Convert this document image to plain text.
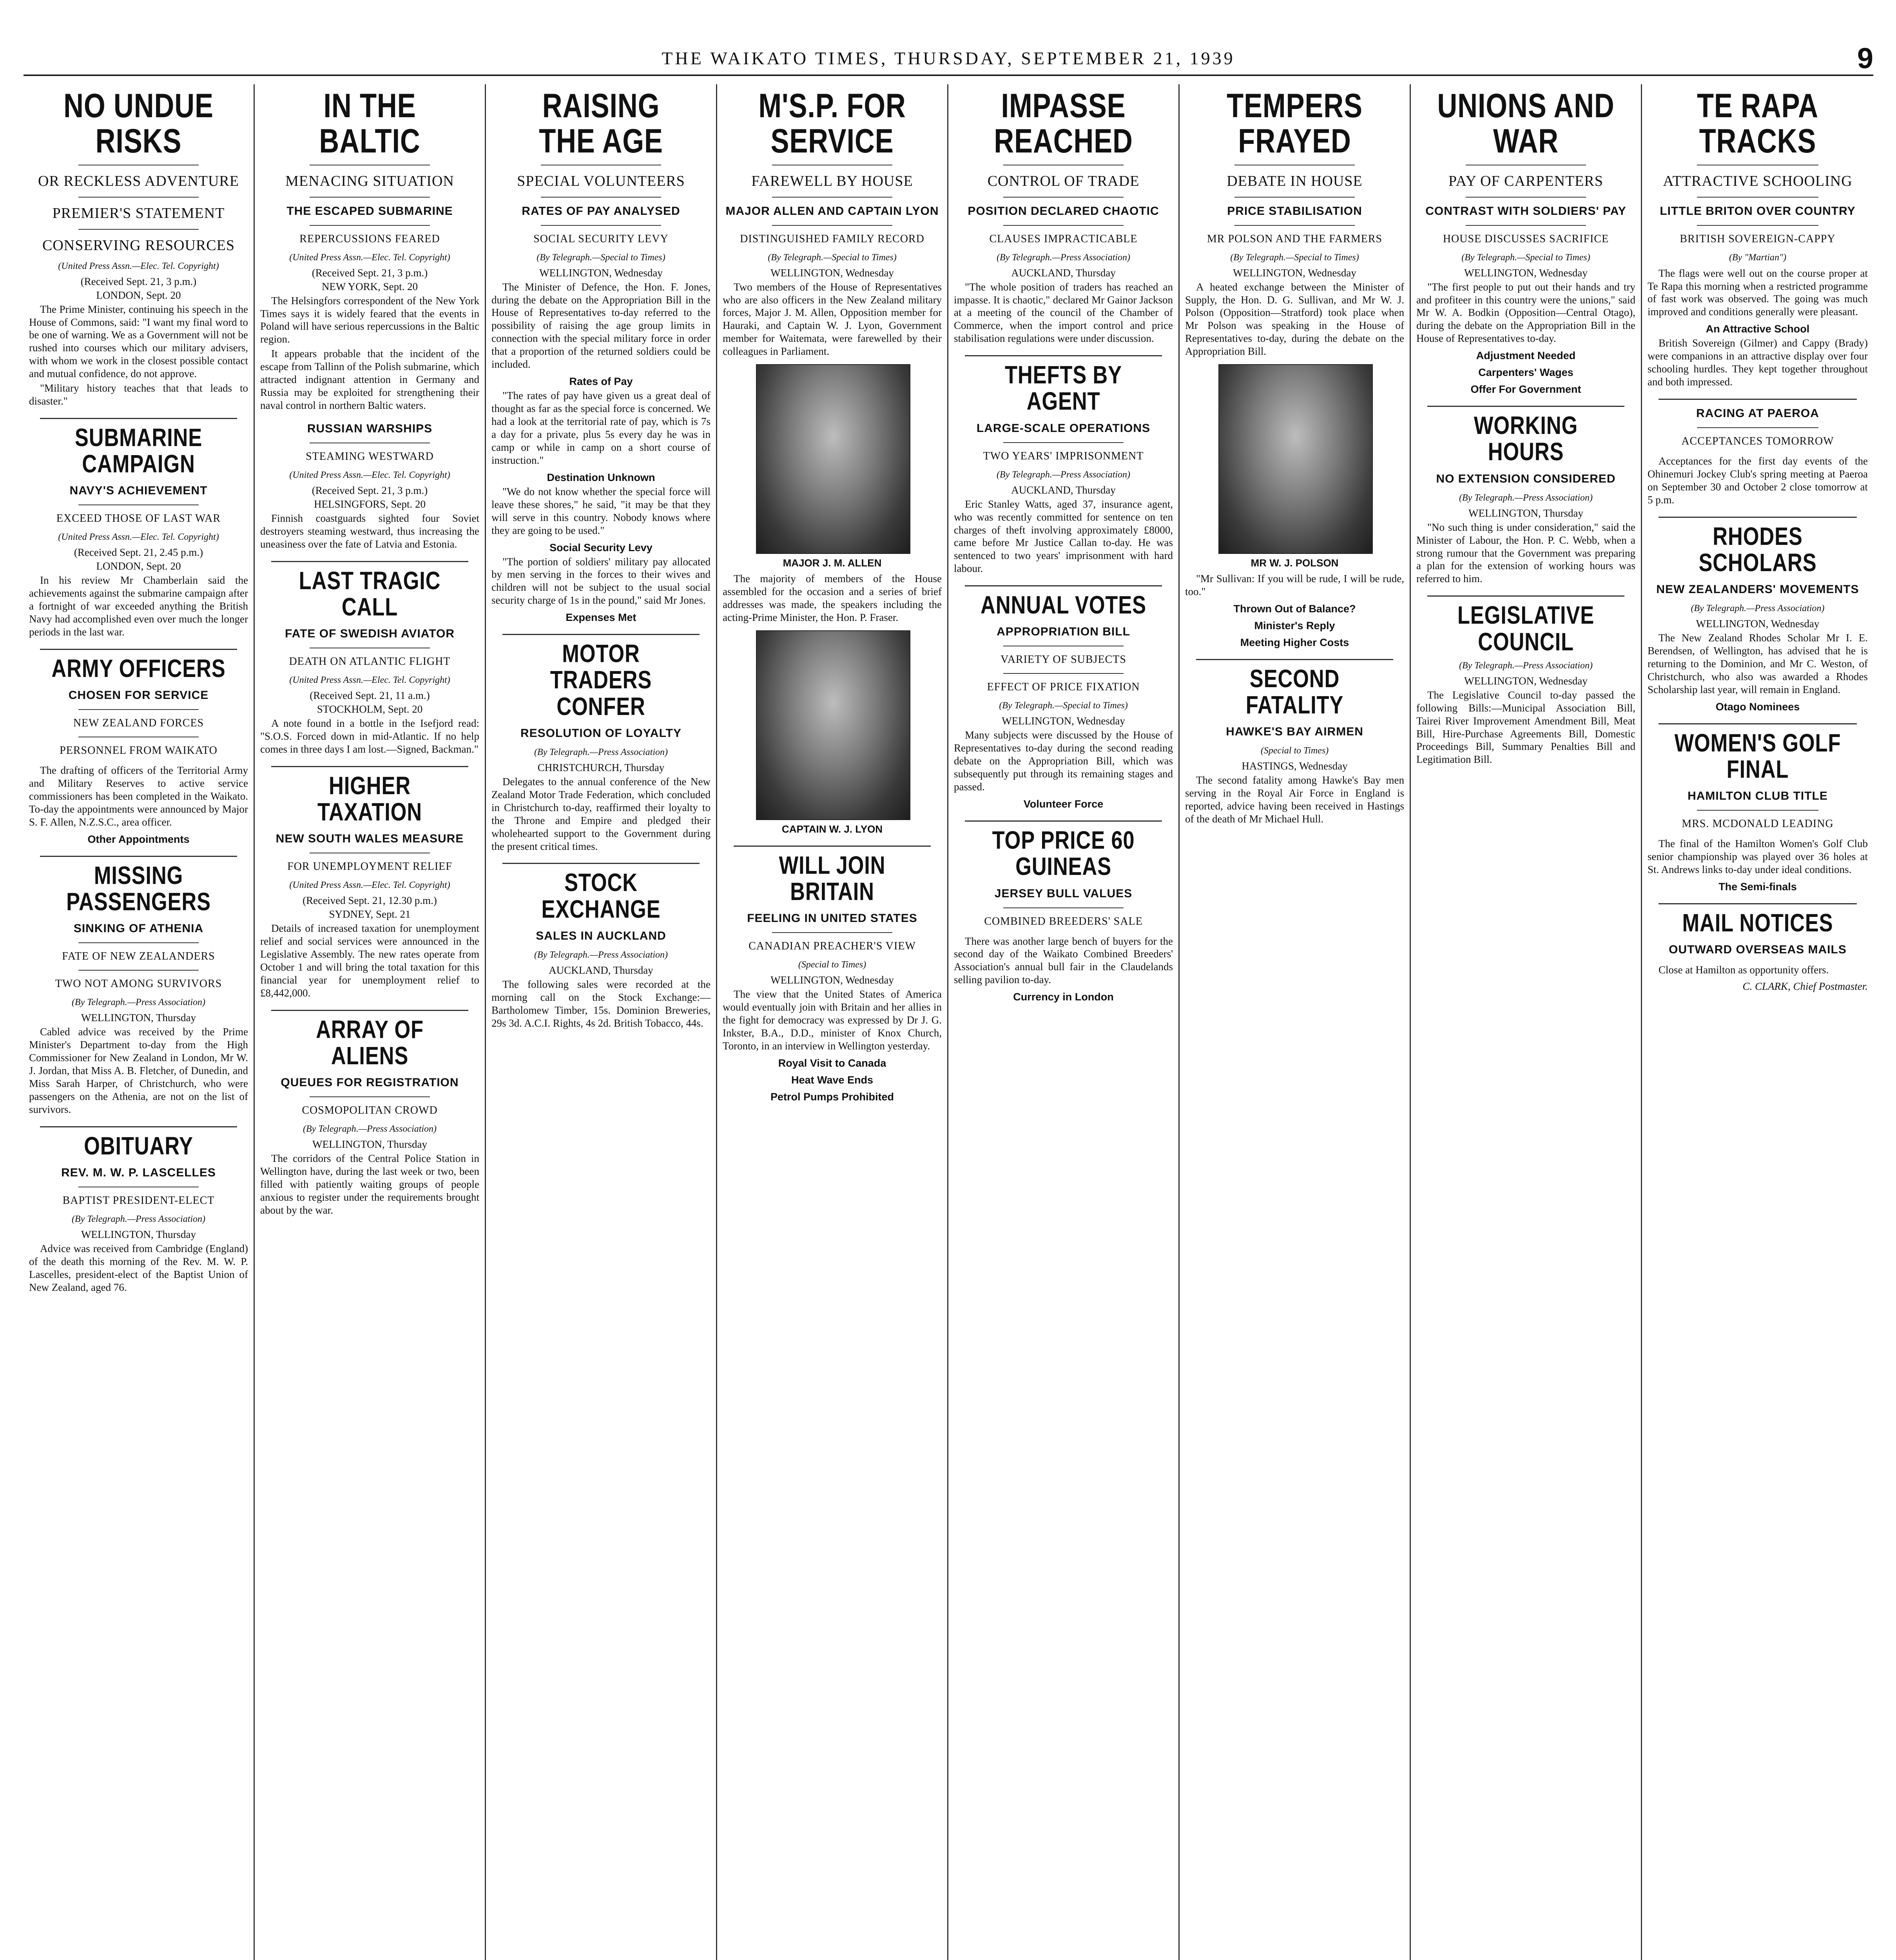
THE WAIKATO TIMES, THURSDAY, SEPTEMBER 21, 1939	9
NO UNDUE RISKS
OR RECKLESS ADVENTURE
PREMIER'S STATEMENT
CONSERVING RESOURCES
(United Press Assn.—Elec. Tel. Copyright)
(Received Sept. 21, 3 p.m.)
LONDON, Sept. 20

The Prime Minister, continuing his speech in the House of Commons, said: "I want my final word to be one of warning. We as a Government will not be rushed into courses which our military advisers, with whom we work in the closest possible contact and mutual confidence, do not approve.

"Military history teaches that that leads to disaster."

SUBMARINE CAMPAIGN
NAVY'S ACHIEVEMENT
EXCEED THOSE OF LAST WAR
(United Press Assn.—Elec. Tel. Copyright)
(Received Sept. 21, 2.45 p.m.)
LONDON, Sept. 20

In his review Mr Chamberlain said the achievements against the submarine campaign after a fortnight of war exceeded anything the British Navy had accomplished even over much the longer periods in the last war.

ARMY OFFICERS
CHOSEN FOR SERVICE
NEW ZEALAND FORCES
PERSONNEL FROM WAIKATO

The drafting of officers of the Territorial Army and Military Reserves to active service commissioners has been completed in the Waikato. To-day the appointments were announced by Major S. F. Allen, N.Z.S.C., area officer.

Other Appointments
MISSING PASSENGERS
SINKING OF ATHENIA
FATE OF NEW ZEALANDERS
TWO NOT AMONG SURVIVORS
(By Telegraph.—Press Association)
WELLINGTON, Thursday

Cabled advice was received by the Prime Minister's Department to-day from the High Commissioner for New Zealand in London, Mr W. J. Jordan, that Miss A. B. Fletcher, of Dunedin, and Miss Sarah Harper, of Christchurch, who were passengers on the Athenia, are not on the list of survivors.

OBITUARY
REV. M. W. P. LASCELLES
BAPTIST PRESIDENT-ELECT
(By Telegraph.—Press Association)
WELLINGTON, Thursday

Advice was received from Cambridge (England) of the death this morning of the Rev. M. W. P. Lascelles, president-elect of the Baptist Union of New Zealand, aged 76.

IN THE BALTIC
MENACING SITUATION
THE ESCAPED SUBMARINE
REPERCUSSIONS FEARED
(United Press Assn.—Elec. Tel. Copyright)
(Received Sept. 21, 3 p.m.)
NEW YORK, Sept. 20

The Helsingfors correspondent of the New York Times says it is widely feared that the events in Poland will have serious repercussions in the Baltic region.

It appears probable that the incident of the escape from Tallinn of the Polish submarine, which attracted indignant attention in Germany and Russia may be exploited for strengthening their naval control in northern Baltic waters.

RUSSIAN WARSHIPS
STEAMING WESTWARD
(United Press Assn.—Elec. Tel. Copyright)
(Received Sept. 21, 3 p.m.)
HELSINGFORS, Sept. 20

Finnish coastguards sighted four Soviet destroyers steaming westward, thus increasing the uneasiness over the fate of Latvia and Estonia.

LAST TRAGIC CALL
FATE OF SWEDISH AVIATOR
DEATH ON ATLANTIC FLIGHT
(United Press Assn.—Elec. Tel. Copyright)
(Received Sept. 21, 11 a.m.)
STOCKHOLM, Sept. 20

A note found in a bottle in the Isefjord read: "S.O.S. Forced down in mid-Atlantic. If no help comes in three days I am lost.—Signed, Backman."

HIGHER TAXATION
NEW SOUTH WALES MEASURE
FOR UNEMPLOYMENT RELIEF
(United Press Assn.—Elec. Tel. Copyright)
(Received Sept. 21, 12.30 p.m.)
SYDNEY, Sept. 21

Details of increased taxation for unemployment relief and social services were announced in the Legislative Assembly. The new rates operate from October 1 and will bring the total taxation for this financial year for unemployment relief to £8,442,000.

ARRAY OF ALIENS
QUEUES FOR REGISTRATION
COSMOPOLITAN CROWD
(By Telegraph.—Press Association)
WELLINGTON, Thursday

The corridors of the Central Police Station in Wellington have, during the last week or two, been filled with patiently waiting groups of people anxious to register under the requirements brought about by the war.

RAISING THE AGE
SPECIAL VOLUNTEERS
RATES OF PAY ANALYSED
SOCIAL SECURITY LEVY
(By Telegraph.—Special to Times)
WELLINGTON, Wednesday

The Minister of Defence, the Hon. F. Jones, during the debate on the Appropriation Bill in the House of Representatives to-day referred to the possibility of raising the age group limits in connection with the special military force in order that a proportion of the returned soldiers could be included.

Rates of Pay

"The rates of pay have given us a great deal of thought as far as the special force is concerned. We had a look at the territorial rate of pay, which is 7s a day for a private, plus 5s every day he was in camp or while in camp on a short course of instruction."

Destination Unknown

"We do not know whether the special force will leave these shores," he said, "it may be that they will serve in this country. Nobody knows where they are going to be used."

Social Security Levy

"The portion of soldiers' military pay allocated by men serving in the forces to their wives and children will not be subject to the usual social security charge of 1s in the pound," said Mr Jones.

Expenses Met
MOTOR TRADERS CONFER
RESOLUTION OF LOYALTY
(By Telegraph.—Press Association)
CHRISTCHURCH, Thursday

Delegates to the annual conference of the New Zealand Motor Trade Federation, which concluded in Christchurch to-day, reaffirmed their loyalty to the Throne and Empire and pledged their wholehearted support to the Government during the present critical times.

STOCK EXCHANGE
SALES IN AUCKLAND
(By Telegraph.—Press Association)
AUCKLAND, Thursday

The following sales were recorded at the morning call on the Stock Exchange:—Bartholomew Timber, 15s. Dominion Breweries, 29s 3d. A.C.I. Rights, 4s 2d. British Tobacco, 44s.

M'S.P. FOR SERVICE
FAREWELL BY HOUSE
MAJOR ALLEN AND CAPTAIN LYON
DISTINGUISHED FAMILY RECORD
(By Telegraph.—Special to Times)
WELLINGTON, Wednesday

Two members of the House of Representatives who are also officers in the New Zealand military forces, Major J. M. Allen, Opposition member for Hauraki, and Captain W. J. Lyon, Government member for Waitemata, were farewelled by their colleagues in Parliament.

MAJOR J. M. ALLEN

The majority of members of the House assembled for the occasion and a series of brief addresses was made, the speakers including the acting-Prime Minister, the Hon. P. Fraser.

CAPTAIN W. J. LYON
WILL JOIN BRITAIN
FEELING IN UNITED STATES
CANADIAN PREACHER'S VIEW
(Special to Times)
WELLINGTON, Wednesday

The view that the United States of America would eventually join with Britain and her allies in the fight for democracy was expressed by Dr J. G. Inkster, B.A., D.D., minister of Knox Church, Toronto, in an interview in Wellington yesterday.

Royal Visit to Canada
Heat Wave Ends
Petrol Pumps Prohibited
IMPASSE REACHED
CONTROL OF TRADE
POSITION DECLARED CHAOTIC
CLAUSES IMPRACTICABLE
(By Telegraph.—Press Association)
AUCKLAND, Thursday

"The whole position of traders has reached an impasse. It is chaotic," declared Mr Gainor Jackson at a meeting of the council of the Chamber of Commerce, when the import control and price stabilisation regulations were under discussion.

THEFTS BY AGENT
LARGE-SCALE OPERATIONS
TWO YEARS' IMPRISONMENT
(By Telegraph.—Press Association)
AUCKLAND, Thursday

Eric Stanley Watts, aged 37, insurance agent, who was recently committed for sentence on ten charges of theft involving approximately £8000, came before Mr Justice Callan to-day. He was sentenced to two years' imprisonment with hard labour.

ANNUAL VOTES
APPROPRIATION BILL
VARIETY OF SUBJECTS
EFFECT OF PRICE FIXATION
(By Telegraph.—Special to Times)
WELLINGTON, Wednesday

Many subjects were discussed by the House of Representatives to-day during the second reading debate on the Appropriation Bill, which was subsequently put through its remaining stages and passed.

Volunteer Force
TOP PRICE 60 GUINEAS
JERSEY BULL VALUES
COMBINED BREEDERS' SALE

There was another large bench of buyers for the second day of the Waikato Combined Breeders' Association's annual bull fair in the Claudelands selling pavilion to-day.

Currency in London
TEMPERS FRAYED
DEBATE IN HOUSE
PRICE STABILISATION
MR POLSON AND THE FARMERS
(By Telegraph.—Special to Times)
WELLINGTON, Wednesday

A heated exchange between the Minister of Supply, the Hon. D. G. Sullivan, and Mr W. J. Polson (Opposition—Stratford) took place when Mr Polson was speaking in the House of Representatives to-day, during the debate on the Appropriation Bill.

MR W. J. POLSON

"Mr Sullivan: If you will be rude, I will be rude, too."

Thrown Out of Balance?
Minister's Reply
Meeting Higher Costs
SECOND FATALITY
HAWKE'S BAY AIRMEN
(Special to Times)
HASTINGS, Wednesday

The second fatality among Hawke's Bay men serving in the Royal Air Force in England is reported, advice having been received in Hastings of the death of Mr Michael Hull.

UNIONS AND WAR
PAY OF CARPENTERS
CONTRAST WITH SOLDIERS' PAY
HOUSE DISCUSSES SACRIFICE
(By Telegraph.—Special to Times)
WELLINGTON, Wednesday

"The first people to put out their hands and try and profiteer in this country were the unions," said Mr W. A. Bodkin (Opposition—Central Otago), during the debate on the Appropriation Bill in the House of Representatives to-day.

Adjustment Needed
Carpenters' Wages
Offer For Government
WORKING HOURS
NO EXTENSION CONSIDERED
(By Telegraph.—Press Association)
WELLINGTON, Thursday

"No such thing is under consideration," said the Minister of Labour, the Hon. P. C. Webb, when a strong rumour that the Government was preparing a plan for the extension of working hours was referred to him.

LEGISLATIVE COUNCIL
(By Telegraph.—Press Association)
WELLINGTON, Wednesday

The Legislative Council to-day passed the following Bills:—Municipal Association Bill, Tairei River Improvement Amendment Bill, Meat Bill, Hire-Purchase Agreements Bill, Domestic Proceedings Bill, Summary Penalties Bill and Legitimation Bill.

TE RAPA TRACKS
ATTRACTIVE SCHOOLING
LITTLE BRITON OVER COUNTRY
BRITISH SOVEREIGN-CAPPY
(By "Martian")

The flags were well out on the course proper at Te Rapa this morning when a restricted programme of fast work was observed. The going was much improved and conditions generally were pleasant.

An Attractive School

British Sovereign (Gilmer) and Cappy (Brady) were companions in an attractive display over four schooling hurdles. They kept together throughout and both impressed.

RACING AT PAEROA
ACCEPTANCES TOMORROW

Acceptances for the first day events of the Ohinemuri Jockey Club's spring meeting at Paeroa on September 30 and October 2 close tomorrow at 5 p.m.

RHODES SCHOLARS
NEW ZEALANDERS' MOVEMENTS
(By Telegraph.—Press Association)
WELLINGTON, Wednesday

The New Zealand Rhodes Scholar Mr I. E. Berendsen, of Wellington, has advised that he is returning to the Dominion, and Mr C. Weston, of Christchurch, who also was awarded a Rhodes Scholarship last year, will remain in England.

Otago Nominees
WOMEN'S GOLF FINAL
HAMILTON CLUB TITLE
MRS. MCDONALD LEADING

The final of the Hamilton Women's Golf Club senior championship was played over 36 holes at St. Andrews links to-day under ideal conditions.

The Semi-finals
MAIL NOTICES
OUTWARD OVERSEAS MAILS

Close at Hamilton as opportunity offers.

C. CLARK, Chief Postmaster.
